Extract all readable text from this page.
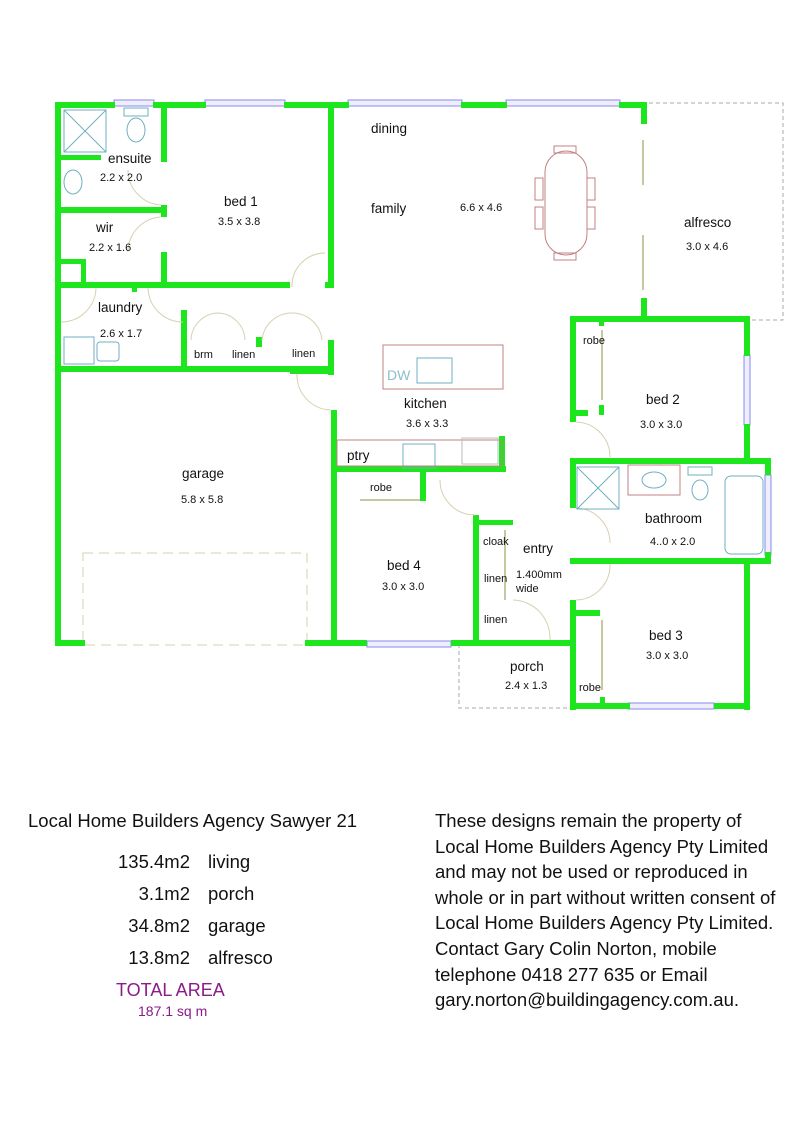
DW
ensuite
2.2 x 2.0
wir
2.2 x 1.6
bed 1
3.5 x 3.8
dining
family	6.6 x 4.6
alfresco
3.0 x 4.6
laundry
2.6 x 1.7
brm linen	linen
kitchen
3.6 x 3.3
ptry
robe
bed 2
3.0 x 3.0
bathroom
4..0 x 2.0
garage
5.8 x 5.8
robe
bed 4
3.0 x 3.0
cloak
linen
linen
entry
1.400mm
wide
bed 3
3.0 x 3.0
robe
porch
2.4 x 1.3
Local Home Builders Agency Sawyer 21
135.4m2 living
3.1m2 porch
34.8m2 garage
13.8m2 alfresco
TOTAL AREA
187.1 sq m
These designs remain the property of Local Home Builders Agency Pty Limited and may not be used or reproduced in whole or in part without written consent of Local Home Builders Agency Pty Limited. Contact Gary Colin Norton, mobile telephone 0418 277 635 or Email gary.norton@buildingagency.com.au.
